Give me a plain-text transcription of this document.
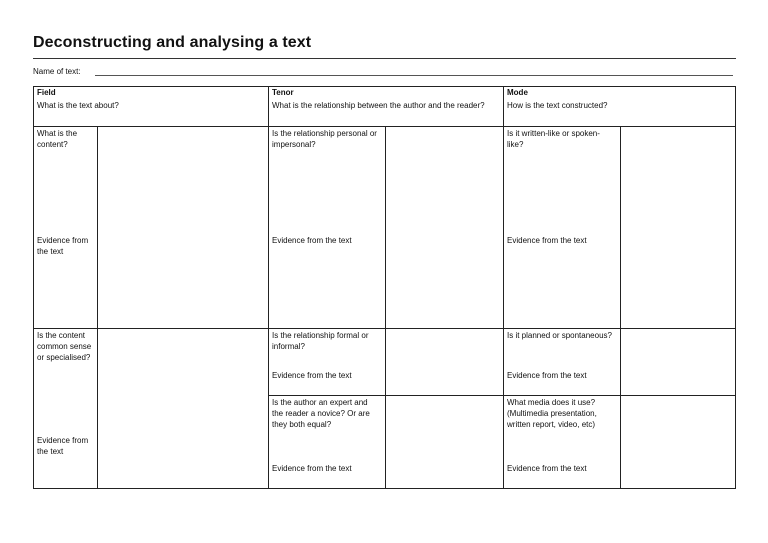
Deconstructing and analysing a text
Name of text:
Field
What is the text about?
Tenor
What is the relationship between the author and the reader?
Mode
How is the text constructed?
What is the content?
Evidence from the text
Is the content common sense or specialised?
Evidence from the text
Is the relationship personal or impersonal?
Evidence from the text
Is the relationship formal or informal?
Evidence from the text
Is the author an expert and the reader a novice? Or are they both equal?
Evidence from the text
Is it written-like or spoken-like?
Evidence from the text
Is it planned or spontaneous?
Evidence from the text
What media does it use? (Multimedia presentation, written report, video, etc)
Evidence from the text
